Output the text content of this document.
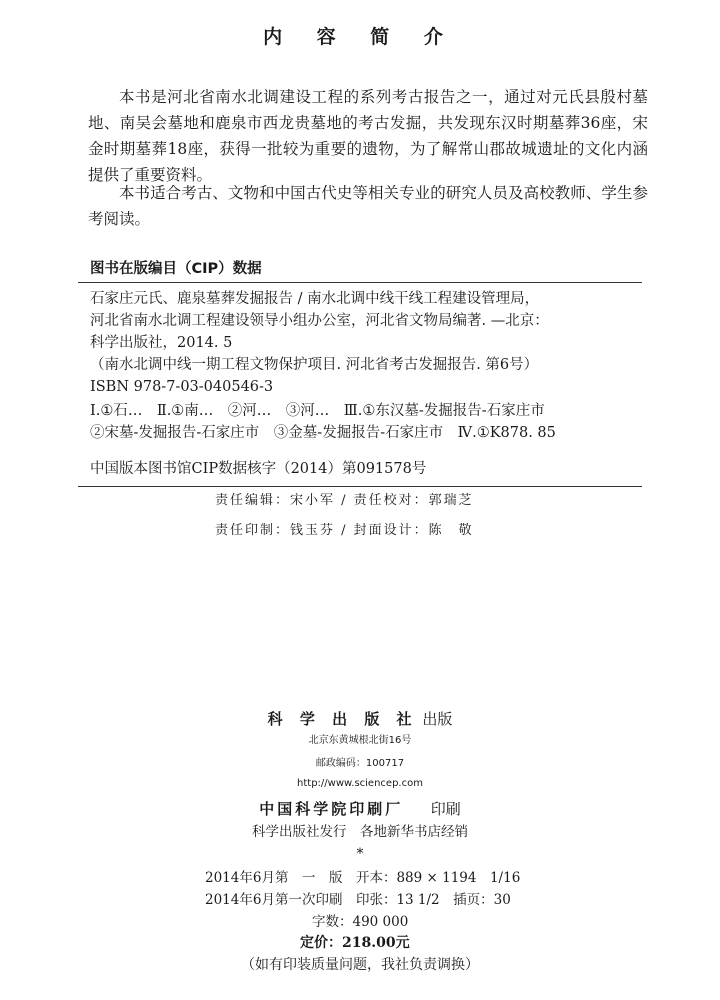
内 容 简 介

本书是河北省南水北调建设工程的系列考古报告之一，通过对元氏县殷村墓地、南吴会墓地和鹿泉市西龙贵墓地的考古发掘，共发现东汉时期墓葬36座，宋金时期墓葬18座，获得一批较为重要的遗物，为了解常山郡故城遗址的文化内涵提供了重要资料。

本书适合考古、文物和中国古代史等相关专业的研究人员及高校教师、学生参考阅读。

图书在版编目（CIP）数据
石家庄元氏、鹿泉墓葬发掘报告 / 南水北调中线干线工程建设管理局，
河北省南水北调工程建设领导小组办公室，河北省文物局编著. —北京：
科学出版社，2014. 5
（南水北调中线一期工程文物保护项目. 河北省考古发掘报告. 第6号）
ISBN 978-7-03-040546-3
Ⅰ.①石…　Ⅱ.①南…　②河…　③河…　Ⅲ.①东汉墓-发掘报告-石家庄市
②宋墓-发掘报告-石家庄市　③金墓-发掘报告-石家庄市　Ⅳ.①K878. 85
中国版本图书馆CIP数据核字（2014）第091578号
责任编辑：宋小军 / 责任校对：郭瑞芝
责任印制：钱玉芬 / 封面设计：陈　敬
科 学 出 版 社 出版
北京东黄城根北街16号
邮政编码：100717
http://www.sciencep.com
中国科学院印刷厂 印刷
科学出版社发行　各地新华书店经销
*
2014年6月第　一　版　开本：889 × 1194　1/16
2014年6月第一次印刷　印张：13 1/2　插页：30
字数：490 000
定价：218.00元
（如有印装质量问题，我社负责调换）
